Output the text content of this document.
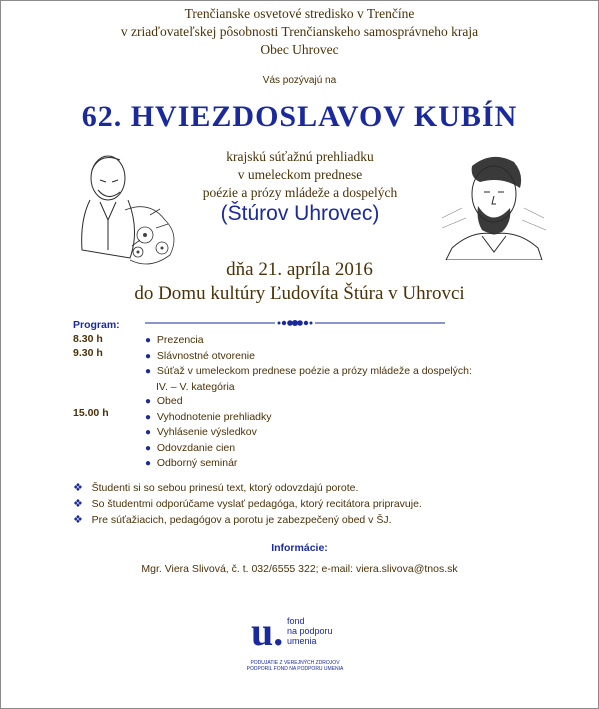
Trenčianske osvetové stredisko v Trenčíne
v zriaďovateľskej pôsobnosti Trenčianskeho samosprávneho kraja
Obec Uhrovec
Vás pozývajú na
62. HVIEZDOSLAVOV KUBÍN
krajskú súťažnú prehliadku
v umeleckom prednese
poézie a prózy mládeže a dospelých
(Štúrov Uhrovec)
dňa 21. apríla 2016
do Domu kultúry Ľudovíta Štúra v Uhrovci
Program:
8.30 h
9.30 h
15.00 h
● Prezencia
● Slávnostné otvorenie
● Súťaž v umeleckom prednese poézie a prózy mládeže a dospelých:
IV. – V. kategória
● Obed
● Vyhodnotenie prehliadky
● Vyhlásenie výsledkov
● Odovzdanie cien
● Odborný seminár
❖ Študenti si so sebou prinesú text, ktorý odovzdajú porote.
❖ So študentmi odporúčame vyslať pedagóga, ktorý recitátora pripravuje.
❖ Pre súťažiacich, pedagógov a porotu je zabezpečený obed v ŠJ.
Informácie:
Mgr. Viera Slivová, č. t. 032/6555 322; e-mail: viera.slivova@tnos.sk
u. fond
na podporu
umenia
PODUJATIE Z VEREJNÝCH ZDROJOV
PODPORIL FOND NA PODPORU UMENIA
